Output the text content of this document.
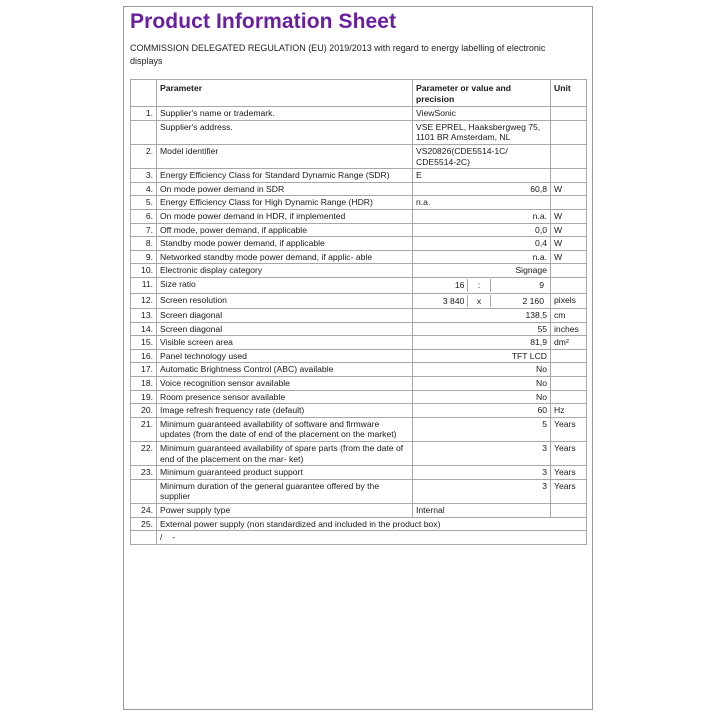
Product Information Sheet
COMMISSION DELEGATED REGULATION (EU) 2019/2013 with regard to energy labelling of electronic displays
	Parameter	Parameter or value and precision	Unit
1.	Supplier's name or trademark.	ViewSonic	
	Supplier's address.	VSE EPREL, Haaksbergweg 75, 1101 BR Amsterdam, NL	
2.	Model identifier	VS20826(CDE5514-1C/ CDE5514-2C)	
3.	Energy Efficiency Class for Standard Dynamic Range (SDR)	E	
4.	On mode power demand in SDR	60,8	W
5.	Energy Efficiency Class for High Dynamic Range (HDR)	n.a.	
6.	On mode power demand in HDR, if implemented	n.a.	W
7.	Off mode, power demand, if applicable	0,0	W
8.	Standby mode power demand, if applicable	0,4	W
9.	Networked standby mode power demand, if applic- able	n.a.	W
10.	Electronic display category	Signage	
11.	Size ratio	16 : 9	

12.	Screen resolution	3 840 x 2 160	pixels
13.	Screen diagonal	138,5	cm
14.	Screen diagonal	55	inches
15.	Visible screen area	81,9	dm²
16.	Panel technology used	TFT LCD	
17.	Automatic Brightness Control (ABC) available	No	
18.	Voice recognition sensor available	No	
19.	Room presence sensor available	No	
20.	Image refresh frequency rate (default)	60	Hz
21.	Minimum guaranteed availability of software and firmware updates (from the date of end of the placement on the market)	5	Years
22.	Minimum guaranteed availability of spare parts (from the date of end of the placement on the mar- ket)	3	Years
23.	Minimum guaranteed product support	3	Years
	Minimum duration of the general guarantee offered by the supplier	3	Years
24.	Power supply type	Internal	
25.	External power supply (non standardized and included in the product box)		
	/ -		
